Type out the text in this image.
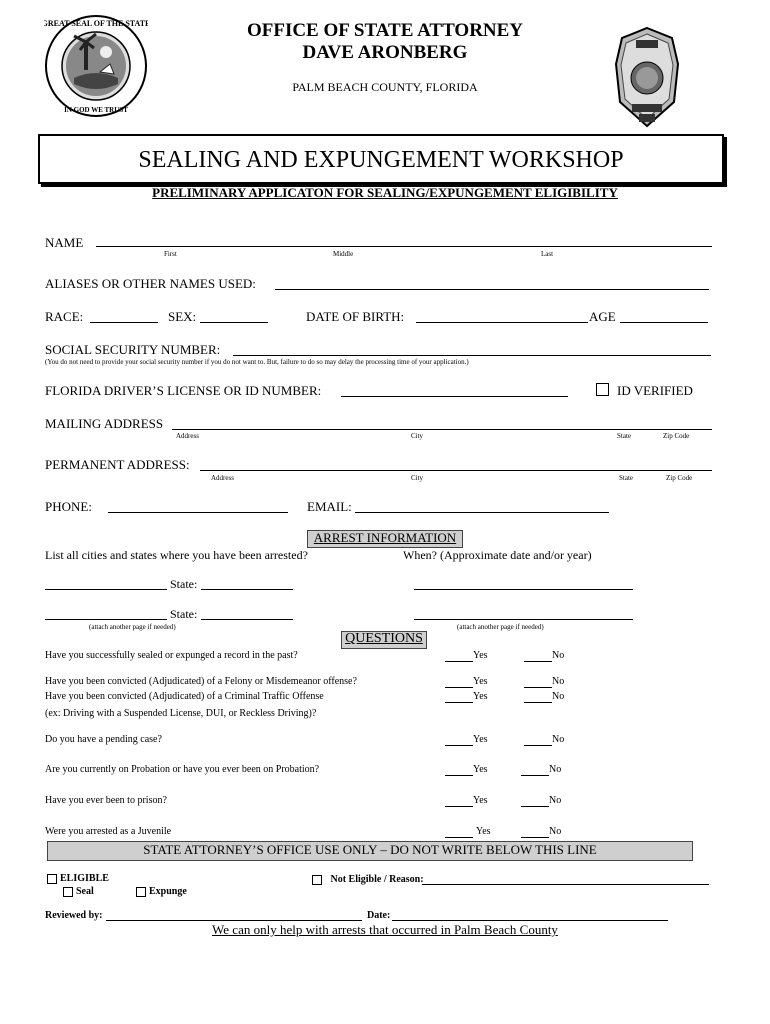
GREAT SEAL OF THE STATE
IN GOD WE TRUST
OFFICE OF STATE ATTORNEY
DAVE ARONBERG
PALM BEACH COUNTY, FLORIDA
SEALING AND EXPUNGEMENT WORKSHOP
PRELIMINARY APPLICATON FOR SEALING/EXPUNGEMENT ELIGIBILITY
NAME
First	Middle	Last
ALIASES OR OTHER NAMES USED:
RACE:	SEX:	DATE OF BIRTH:	AGE
SOCIAL SECURITY NUMBER:
(You do not need to provide your social security number if you do not want to. But, failure to do so may delay the processing time of your application.)
FLORIDA DRIVER’S LICENSE OR ID NUMBER:	ID VERIFIED
MAILING ADDRESS
Address	City	State	Zip Code
PERMANENT ADDRESS:
Address	City	State	Zip Code
PHONE:	EMAIL:
ARREST INFORMATION
List all cities and states where you have been arrested?	When? (Approximate date and/or year)
State:
State:
(attach another page if needed)	(attach another page if needed)
QUESTIONS
Have you successfully sealed or expunged a record in the past?	Yes	No
Have you been convicted (Adjudicated) of a Felony or Misdemeanor offense?	Yes	No
Have you been convicted (Adjudicated) of a Criminal Traffic Offense	Yes	No
(ex: Driving with a Suspended License, DUI, or Reckless Driving)?
Do you have a pending case?	Yes	No
Are you currently on Probation or have you ever been on Probation?	Yes	No
Have you ever been to prison?	Yes	No
Were you arrested as a Juvenile	Yes	No
STATE ATTORNEY’S OFFICE USE ONLY – DO NOT WRITE BELOW THIS LINE
ELIGIBLE
Seal	Expunge
Not Eligible / Reason:
Reviewed by:	Date:
We can only help with arrests that occurred in Palm Beach County
